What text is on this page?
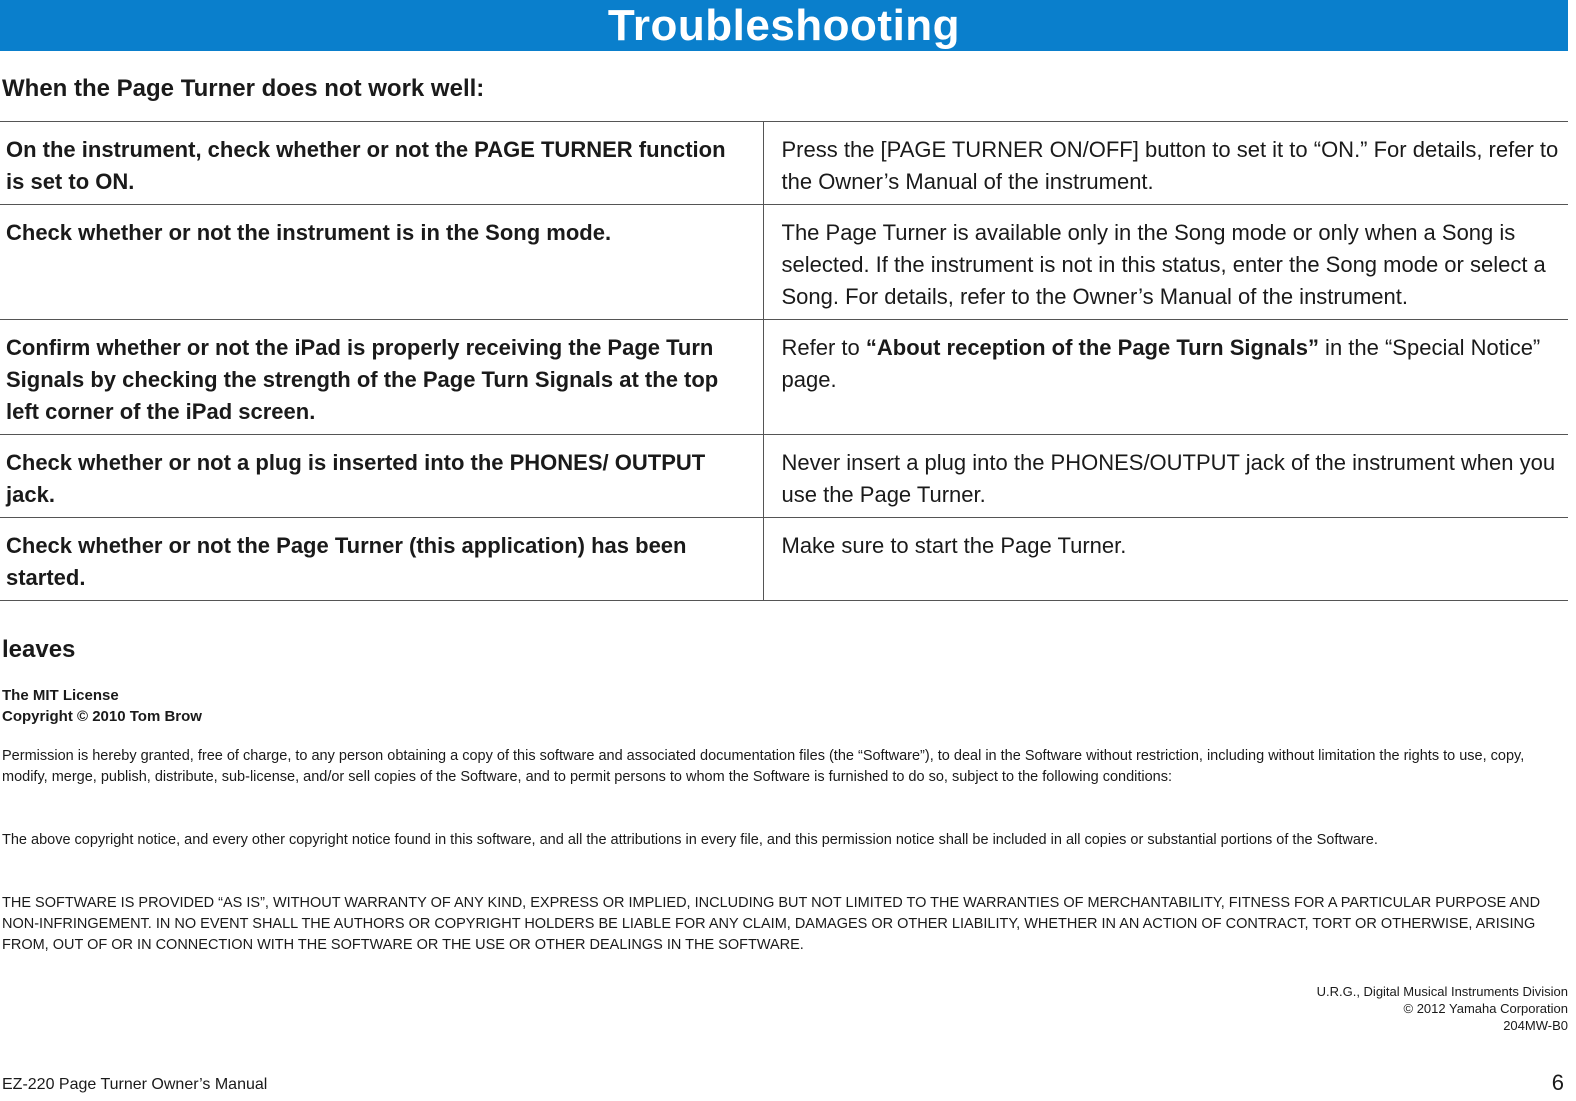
Troubleshooting
When the Page Turner does not work well:
On the instrument, check whether or not the PAGE TURNER function is set to ON.	Press the [PAGE TURNER ON/OFF] button to set it to “ON.” For details, refer to the Owner’s Manual of the instrument.
Check whether or not the instrument is in the Song mode.	The Page Turner is available only in the Song mode or only when a Song is selected. If the instrument is not in this status, enter the Song mode or select a Song. For details, refer to the Owner’s Manual of the instrument.
Confirm whether or not the iPad is properly receiving the Page Turn Signals by checking the strength of the Page Turn Signals at the top left corner of the iPad screen.	Refer to “About reception of the Page Turn Signals” in the “Special Notice” page.
Check whether or not a plug is inserted into the PHONES/ OUTPUT jack.	Never insert a plug into the PHONES/OUTPUT jack of the instrument when you use the Page Turner.
Check whether or not the Page Turner (this application) has been started.	Make sure to start the Page Turner.
leaves
The MIT License
Copyright © 2010 Tom Brow

Permission is hereby granted, free of charge, to any person obtaining a copy of this software and associated documentation files (the “Software”), to deal in the Software without restriction, including without limitation the rights to use, copy, modify, merge, publish, distribute, sub-license, and/or sell copies of the Software, and to permit persons to whom the Software is furnished to do so, subject to the following conditions:

The above copyright notice, and every other copyright notice found in this software, and all the attributions in every file, and this permission notice shall be included in all copies or substantial portions of the Software.

THE SOFTWARE IS PROVIDED “AS IS”, WITHOUT WARRANTY OF ANY KIND, EXPRESS OR IMPLIED, INCLUDING BUT NOT LIMITED TO THE WARRANTIES OF MERCHANTABILITY, FITNESS FOR A PARTICULAR PURPOSE AND NON-INFRINGEMENT. IN NO EVENT SHALL THE AUTHORS OR COPYRIGHT HOLDERS BE LIABLE FOR ANY CLAIM, DAMAGES OR OTHER LIABILITY, WHETHER IN AN ACTION OF CONTRACT, TORT OR OTHERWISE, ARISING FROM, OUT OF OR IN CONNECTION WITH THE SOFTWARE OR THE USE OR OTHER DEALINGS IN THE SOFTWARE.

U.R.G., Digital Musical Instruments Division
© 2012 Yamaha Corporation
204MW-B0
EZ-220 Page Turner Owner’s Manual	6
